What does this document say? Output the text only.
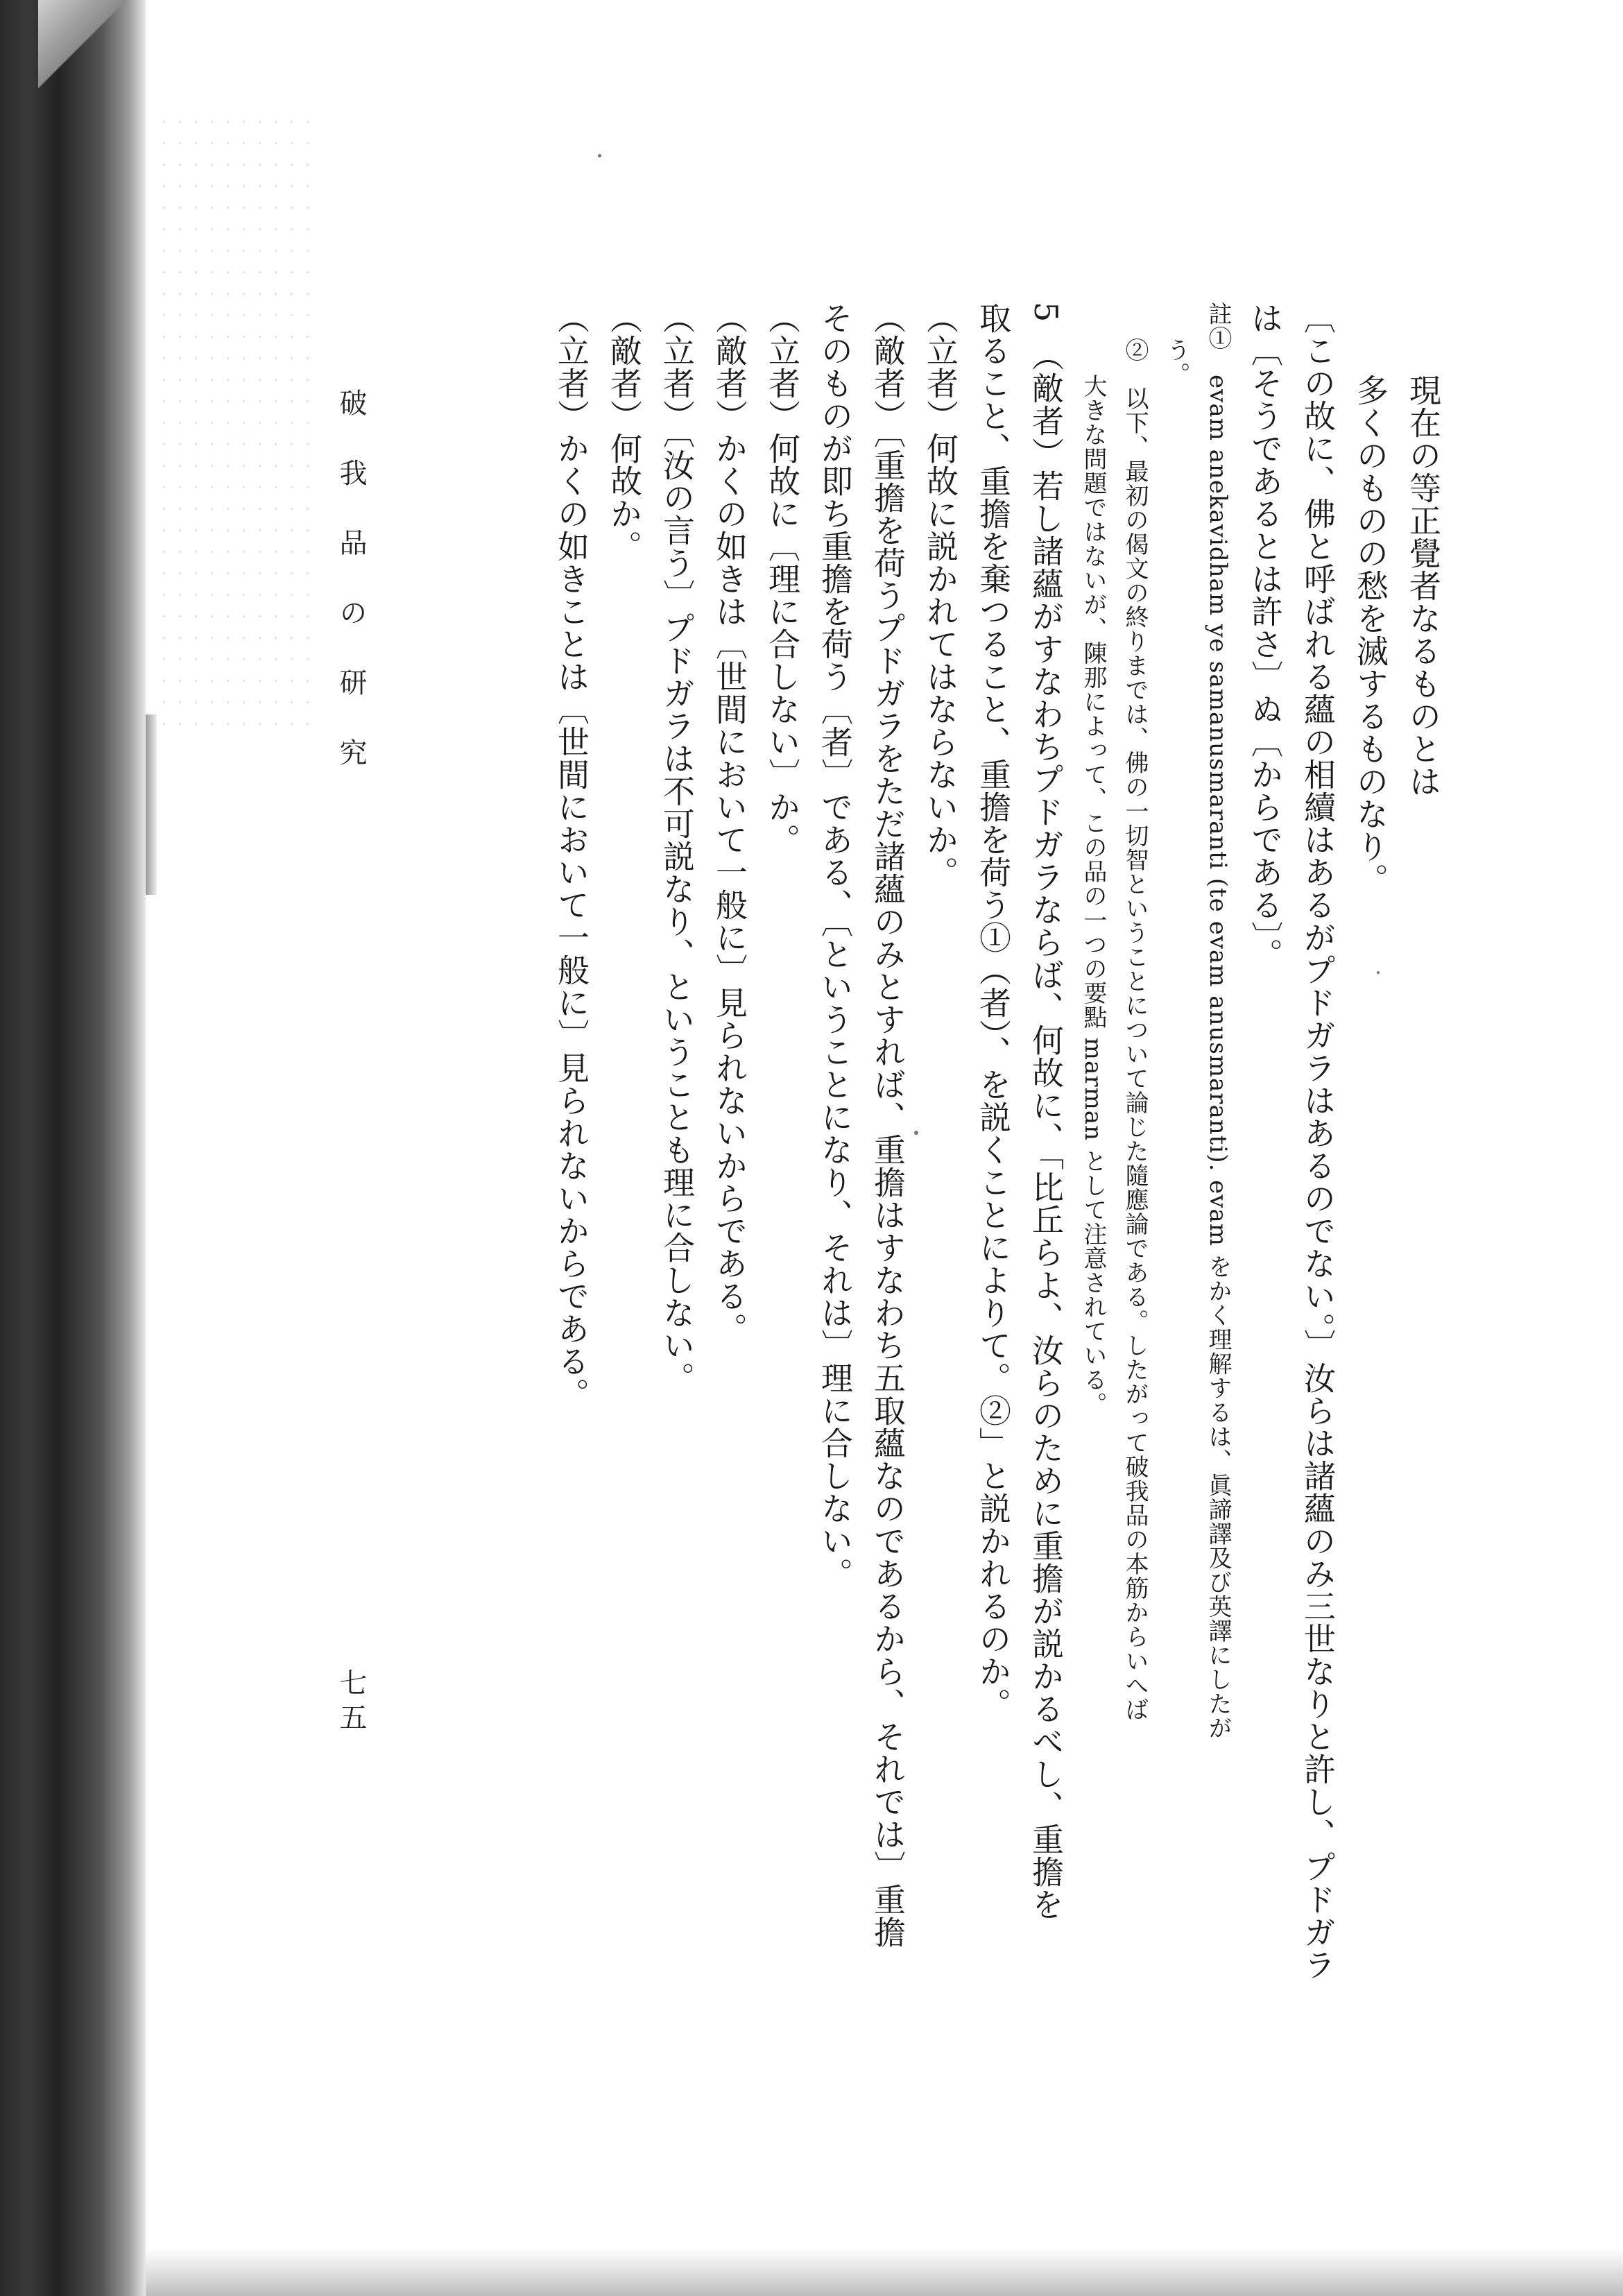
現在の等正覺者なるものとは

多くのものの愁を滅するものなり。

〔この故に、佛と呼ばれる蘊の相續はあるがプドガラはあるのでない。〕汝らは諸蘊のみ三世なりと許し、プドガラ

は〔そうであるとは許さ〕ぬ〔からである〕。

註①　evam anekavidham ye samanusmaranti (te evam anusmaranti). evam をかく理解するは、眞諦譯及び英譯にしたが

う。

②　以下、最初の偈文の終りまでは、佛の一切智ということについて論じた隨應論である。したがって破我品の本筋からいへば

大きな問題ではないが、陳那によって、この品の一つの要點 marman として注意されている。

5　（敵者）若し諸蘊がすなわちプドガラならば、何故に、「比丘らよ、汝らのために重擔が説かるべし、重擔を

取ること、重擔を棄つること、重擔を荷う①（者）、を説くことによりて。②」と説かれるのか。

（立者）何故に説かれてはならないか。

（敵者）〔重擔を荷うプドガラをただ諸蘊のみとすれば、重擔はすなわち五取蘊なのであるから、それでは〕重擔

そのものが即ち重擔を荷う〔者〕である、〔ということになり、それは〕理に合しない。

（立者）何故に〔理に合しない〕か。

（敵者）かくの如きは〔世間において一般に〕見られないからである。

（立者）〔汝の言う〕プドガラは不可説なり、ということも理に合しない。

（敵者）何故か。

（立者）かくの如きことは〔世間において一般に〕見られないからである。

破 我 品 の 研 究
七五
